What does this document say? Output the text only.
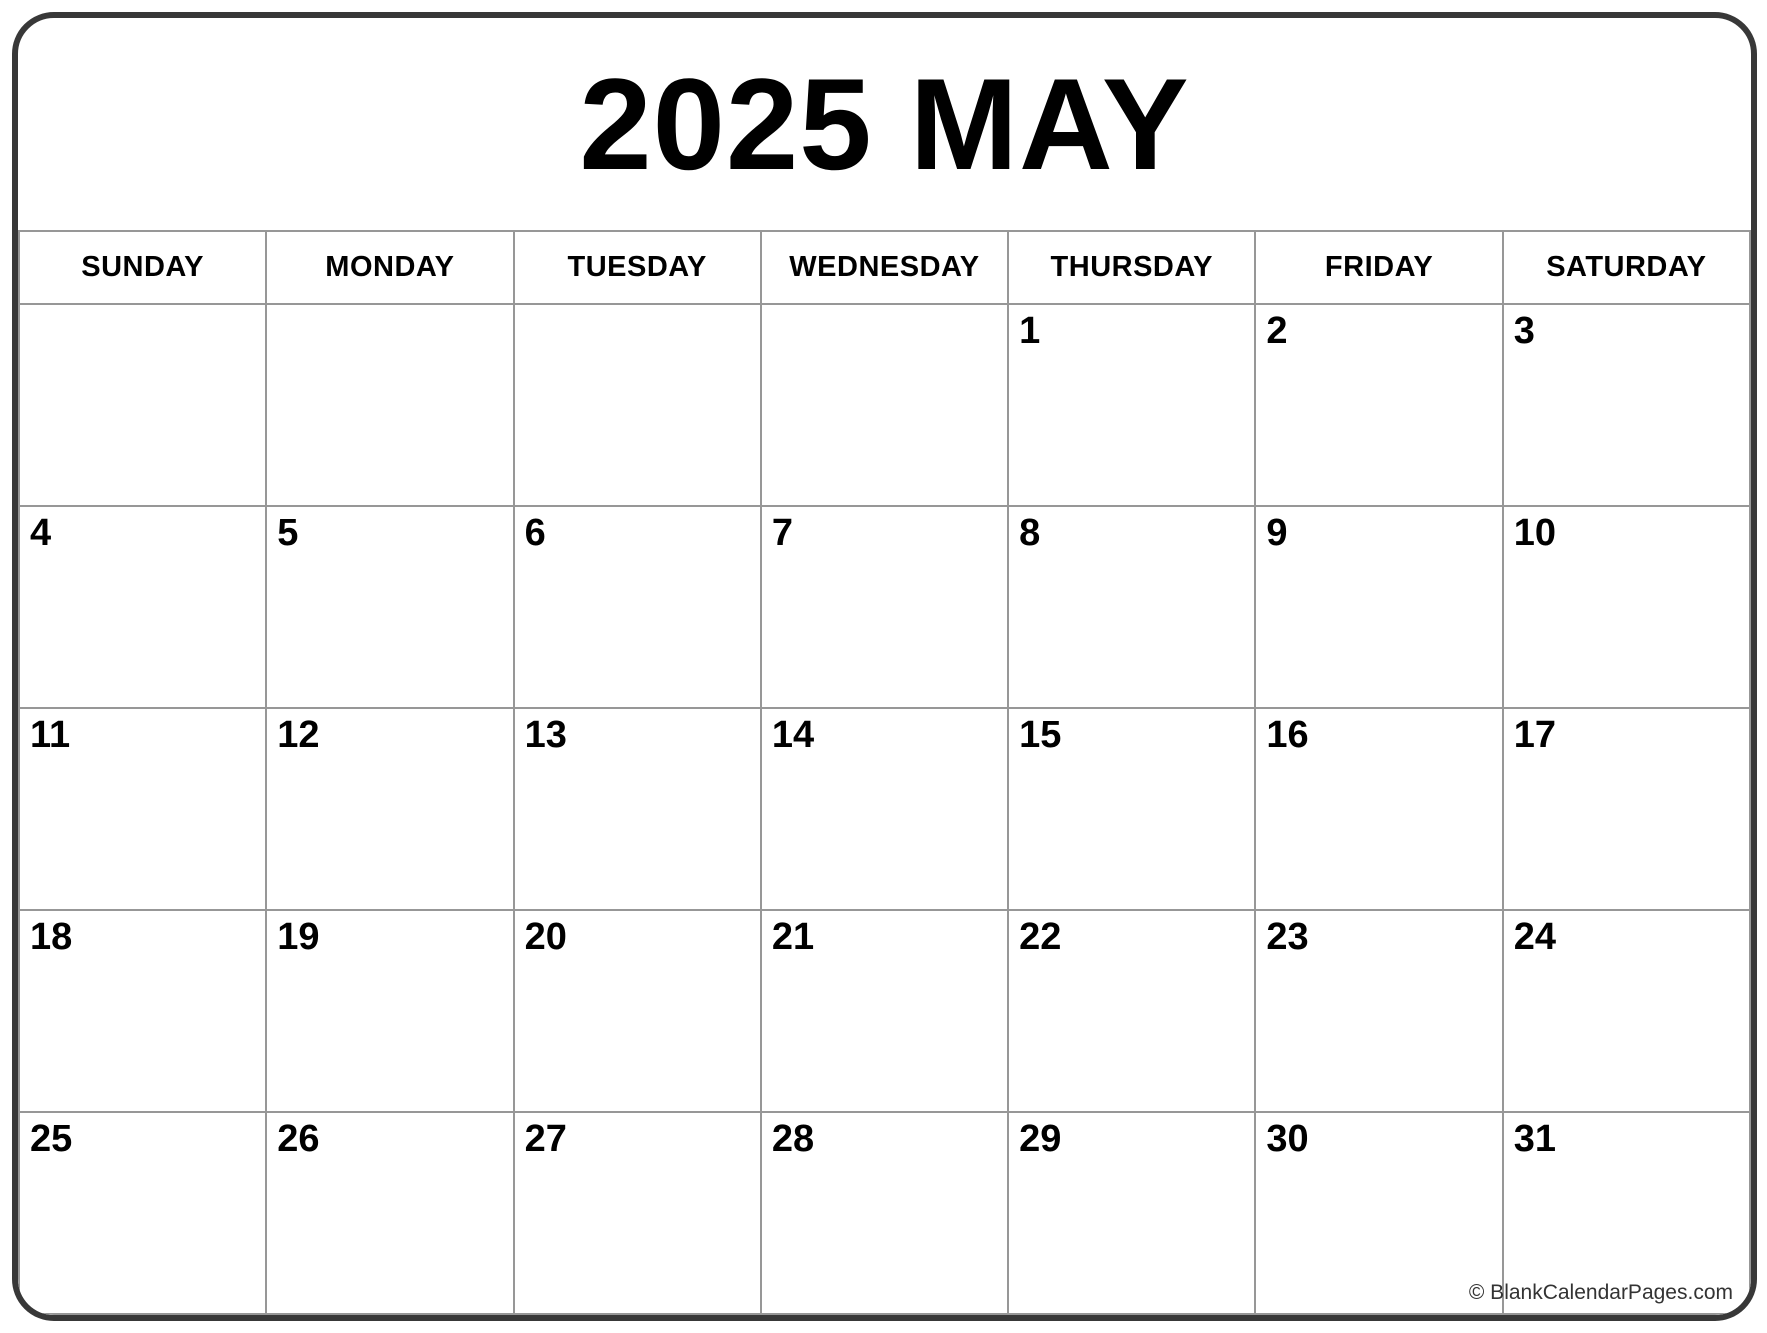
2025 MAY
SUNDAY	MONDAY	TUESDAY	WEDNESDAY	THURSDAY	FRIDAY	SATURDAY
				1	2	3
4	5	6	7	8	9	10
11	12	13	14	15	16	17
18	19	20	21	22	23	24
25	26	27	28	29	30	31
© BlankCalendarPages.com
